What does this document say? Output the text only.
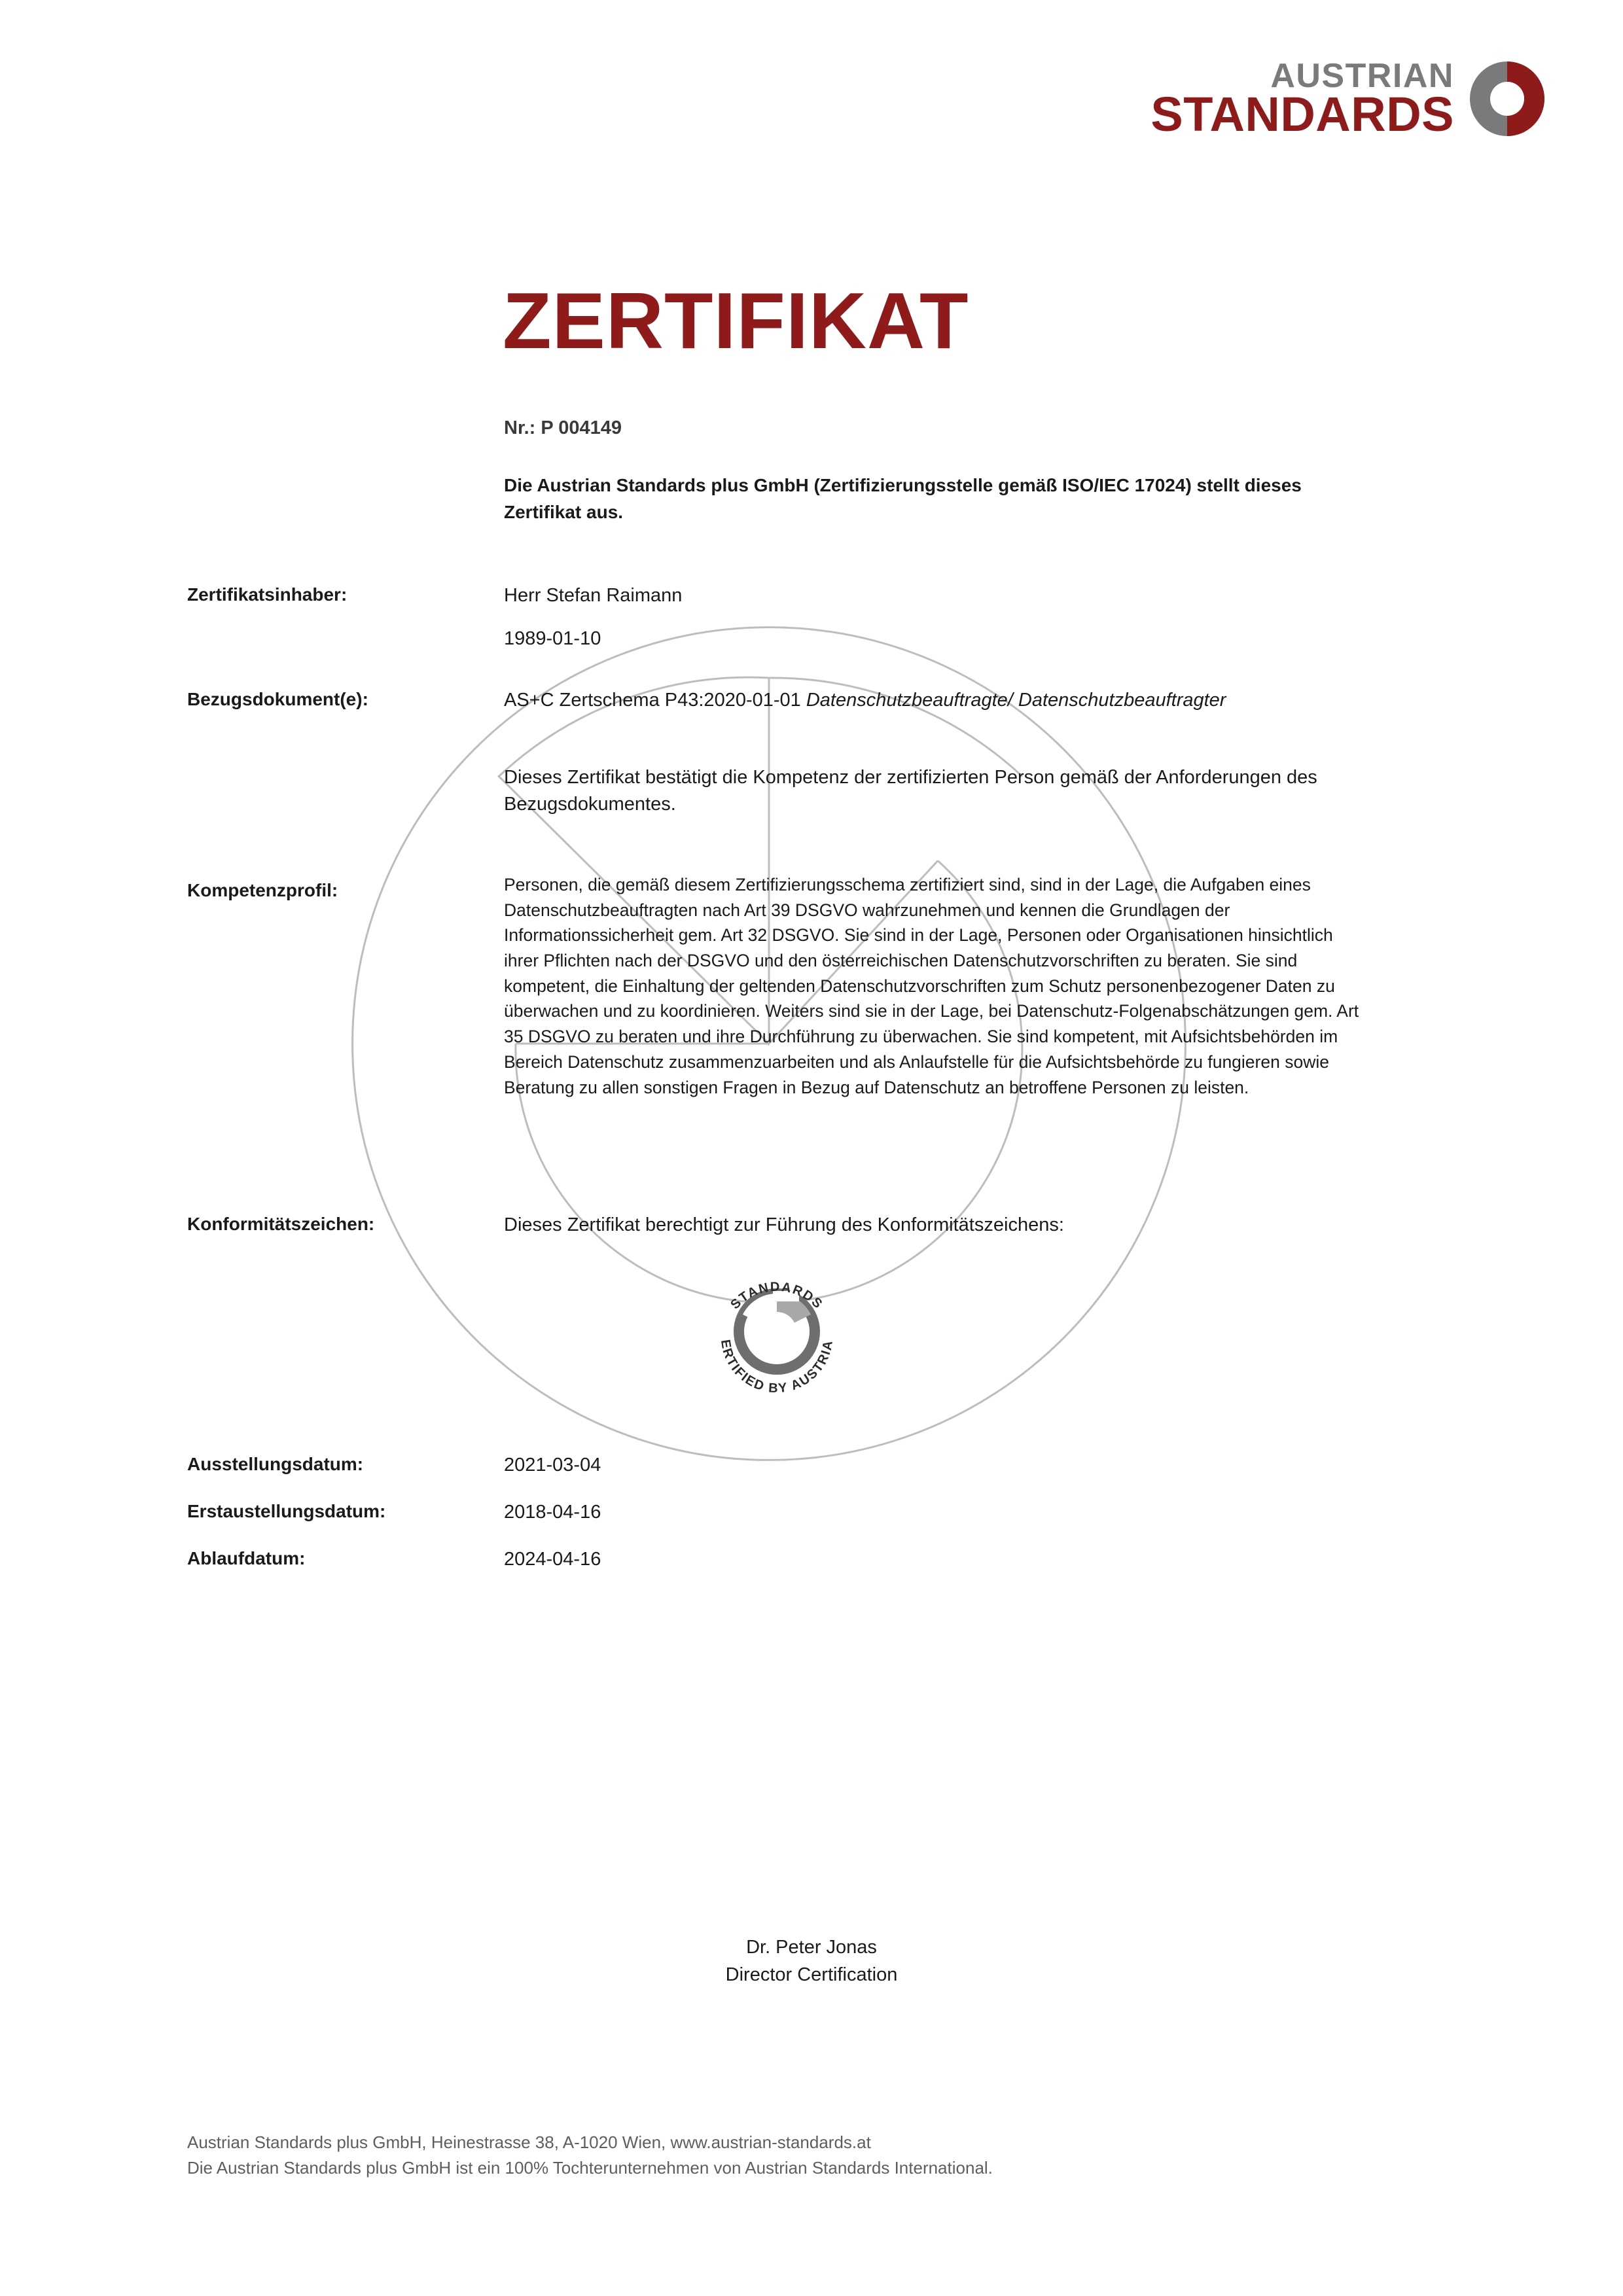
AUSTRIAN
STANDARDS
ZERTIFIKAT
Nr.: P 004149
Die Austrian Standards plus GmbH (Zertifizierungsstelle gemäß ISO/IEC 17024) stellt dieses Zertifikat aus.
Zertifikatsinhaber:	Herr Stefan Raimann
1989-01-10
Bezugsdokument(e):	AS+C Zertschema P43:2020-01-01 Datenschutzbeauftragte/ Datenschutzbeauftragter
Dieses Zertifikat bestätigt die Kompetenz der zertifizierten Person gemäß der Anforderungen des Bezugsdokumentes.
Kompetenzprofil:	Personen, die gemäß diesem Zertifizierungsschema zertifiziert sind, sind in der Lage, die Aufgaben eines Datenschutzbeauftragten nach Art 39 DSGVO wahrzunehmen und kennen die Grundlagen der Informationssicherheit gem. Art 32 DSGVO. Sie sind in der Lage, Personen oder Organisationen hinsichtlich ihrer Pflichten nach der DSGVO und den österreichischen Datenschutzvorschriften zu beraten. Sie sind kompetent, die Einhaltung der geltenden Datenschutzvorschriften zum Schutz personenbezogener Daten zu überwachen und zu koordinieren. Weiters sind sie in der Lage, bei Datenschutz-Folgenabschätzungen gem. Art 35 DSGVO zu beraten und ihre Durchführung zu überwachen. Sie sind kompetent, mit Aufsichtsbehörden im Bereich Datenschutz zusammenzuarbeiten und als Anlaufstelle für die Aufsichtsbehörde zu fungieren sowie Beratung zu allen sonstigen Fragen in Bezug auf Datenschutz an betroffene Personen zu leisten.
Konformitätszeichen:	Dieses Zertifikat berechtigt zur Führung des Konformitätszeichens:
STANDARDS
ERTIFIED BY AUSTRIA
Ausstellungsdatum:	2021-03-04
Erstaustellungsdatum:	2018-04-16
Ablaufdatum:	2024-04-16
Dr. Peter Jonas
Director Certification
Austrian Standards plus GmbH, Heinestrasse 38, A-1020 Wien, www.austrian-standards.at
Die Austrian Standards plus GmbH ist ein 100% Tochterunternehmen von Austrian Standards International.
